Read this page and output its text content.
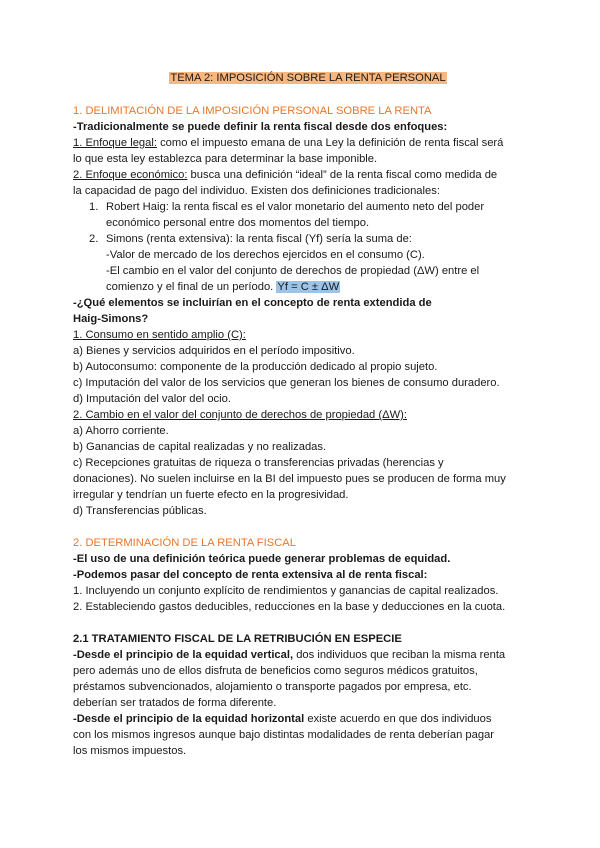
TEMA 2: IMPOSICIÓN SOBRE LA RENTA PERSONAL
1. DELIMITACIÓN DE LA IMPOSICIÓN PERSONAL SOBRE LA RENTA
-Tradicionalmente se puede definir la renta fiscal desde dos enfoques:
1. Enfoque legal: como el impuesto emana de una Ley la definición de renta fiscal será
lo que esta ley establezca para determinar la base imponible.
2. Enfoque económico: busca una definición “ideal” de la renta fiscal como medida de
la capacidad de pago del individuo. Existen dos definiciones tradicionales:
1. Robert Haig: la renta fiscal es el valor monetario del aumento neto del poder
económico personal entre dos momentos del tiempo.
2. Simons (renta extensiva): la renta fiscal (Yf) sería la suma de:
-Valor de mercado de los derechos ejercidos en el consumo (C).
-El cambio en el valor del conjunto de derechos de propiedad (ΔW) entre el
comienzo y el final de un período. Yf = C ± ΔW
-¿Qué elementos se incluirían en el concepto de renta extendida de
Haig-Simons?
1. Consumo en sentido amplio (C):
a) Bienes y servicios adquiridos en el período impositivo.
b) Autoconsumo: componente de la producción dedicado al propio sujeto.
c) Imputación del valor de los servicios que generan los bienes de consumo duradero.
d) Imputación del valor del ocio.
2. Cambio en el valor del conjunto de derechos de propiedad (ΔW):
a) Ahorro corriente.
b) Ganancias de capital realizadas y no realizadas.
c) Recepciones gratuitas de riqueza o transferencias privadas (herencias y
donaciones). No suelen incluirse en la BI del impuesto pues se producen de forma muy
irregular y tendrían un fuerte efecto en la progresividad.
d) Transferencias públicas.
2. DETERMINACIÓN DE LA RENTA FISCAL
-El uso de una definición teórica puede generar problemas de equidad.
-Podemos pasar del concepto de renta extensiva al de renta fiscal:
1. Incluyendo un conjunto explícito de rendimientos y ganancias de capital realizados.
2. Estableciendo gastos deducibles, reducciones en la base y deducciones en la cuota.
2.1 TRATAMIENTO FISCAL DE LA RETRIBUCIÓN EN ESPECIE
-Desde el principio de la equidad vertical, dos individuos que reciban la misma renta
pero además uno de ellos disfruta de beneficios como seguros médicos gratuitos,
préstamos subvencionados, alojamiento o transporte pagados por empresa, etc.
deberían ser tratados de forma diferente.
-Desde el principio de la equidad horizontal existe acuerdo en que dos individuos
con los mismos ingresos aunque bajo distintas modalidades de renta deberían pagar
los mismos impuestos.
